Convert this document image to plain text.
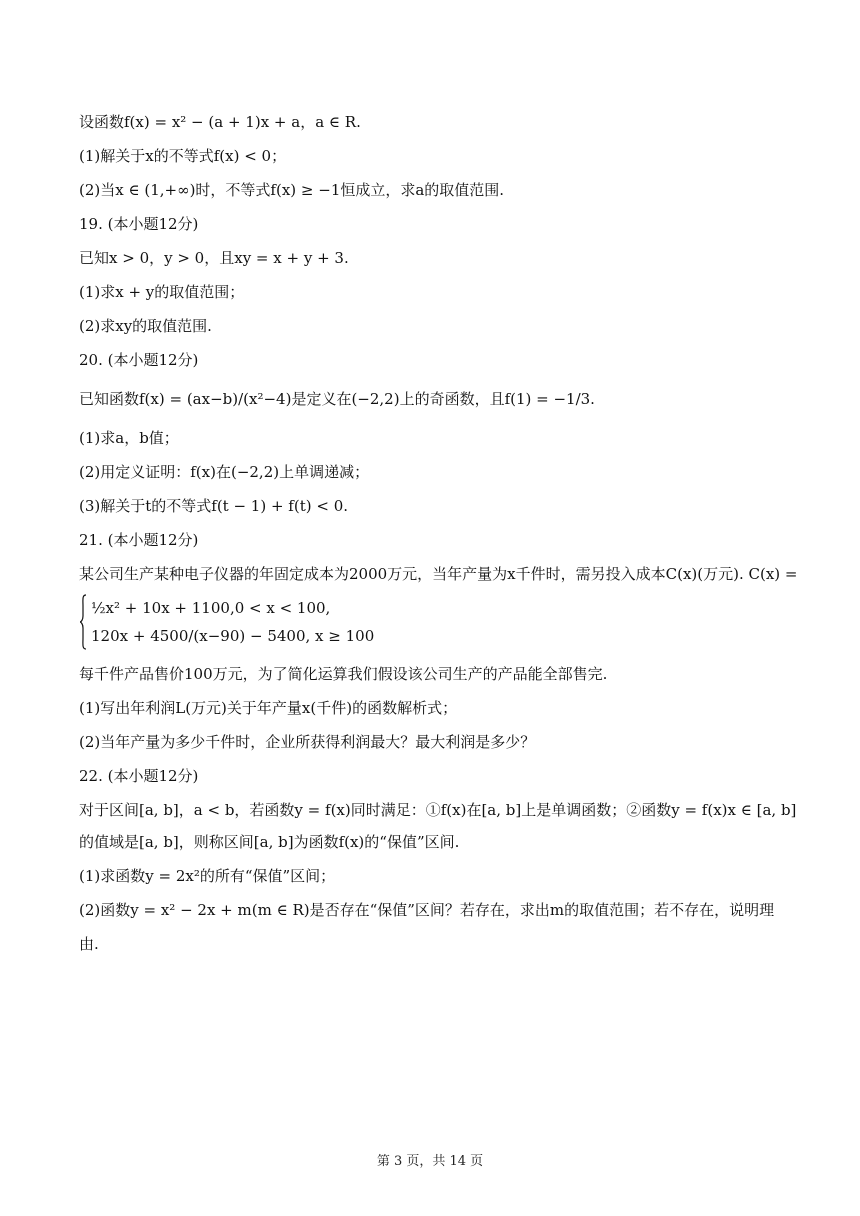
设函数f(x) = x² − (a + 1)x + a，a ∈ R.
(1)解关于x的不等式f(x) < 0；
(2)当x ∈ (1,+∞)时，不等式f(x) ≥ −1恒成立，求a的取值范围.
19. (本小题12分)
已知x > 0，y > 0，且xy = x + y + 3.
(1)求x + y的取值范围；
(2)求xy的取值范围.
20. (本小题12分)
已知函数f(x) = (ax−b)/(x²−4)是定义在(−2,2)上的奇函数，且f(1) = −1/3.
(1)求a，b值；
(2)用定义证明：f(x)在(−2,2)上单调递减；
(3)解关于t的不等式f(t − 1) + f(t) < 0.
21. (本小题12分)
某公司生产某种电子仪器的年固定成本为2000万元，当年产量为x千件时，需另投入成本C(x)(万元). C(x) =
½x² + 10x + 1100,0 < x < 100,
120x + 4500/(x−90) − 5400, x ≥ 100
每千件产品售价100万元，为了简化运算我们假设该公司生产的产品能全部售完.
(1)写出年利润L(万元)关于年产量x(千件)的函数解析式；
(2)当年产量为多少千件时，企业所获得利润最大？最大利润是多少？
22. (本小题12分)
对于区间[a, b]，a < b，若函数y = f(x)同时满足：①f(x)在[a, b]上是单调函数；②函数y = f(x)x ∈ [a, b]
的值域是[a, b]，则称区间[a, b]为函数f(x)的“保值”区间.
(1)求函数y = 2x²的所有“保值”区间；
(2)函数y = x² − 2x + m(m ∈ R)是否存在“保值”区间？若存在，求出m的取值范围；若不存在，说明理
由.
第 3 页，共 14 页
